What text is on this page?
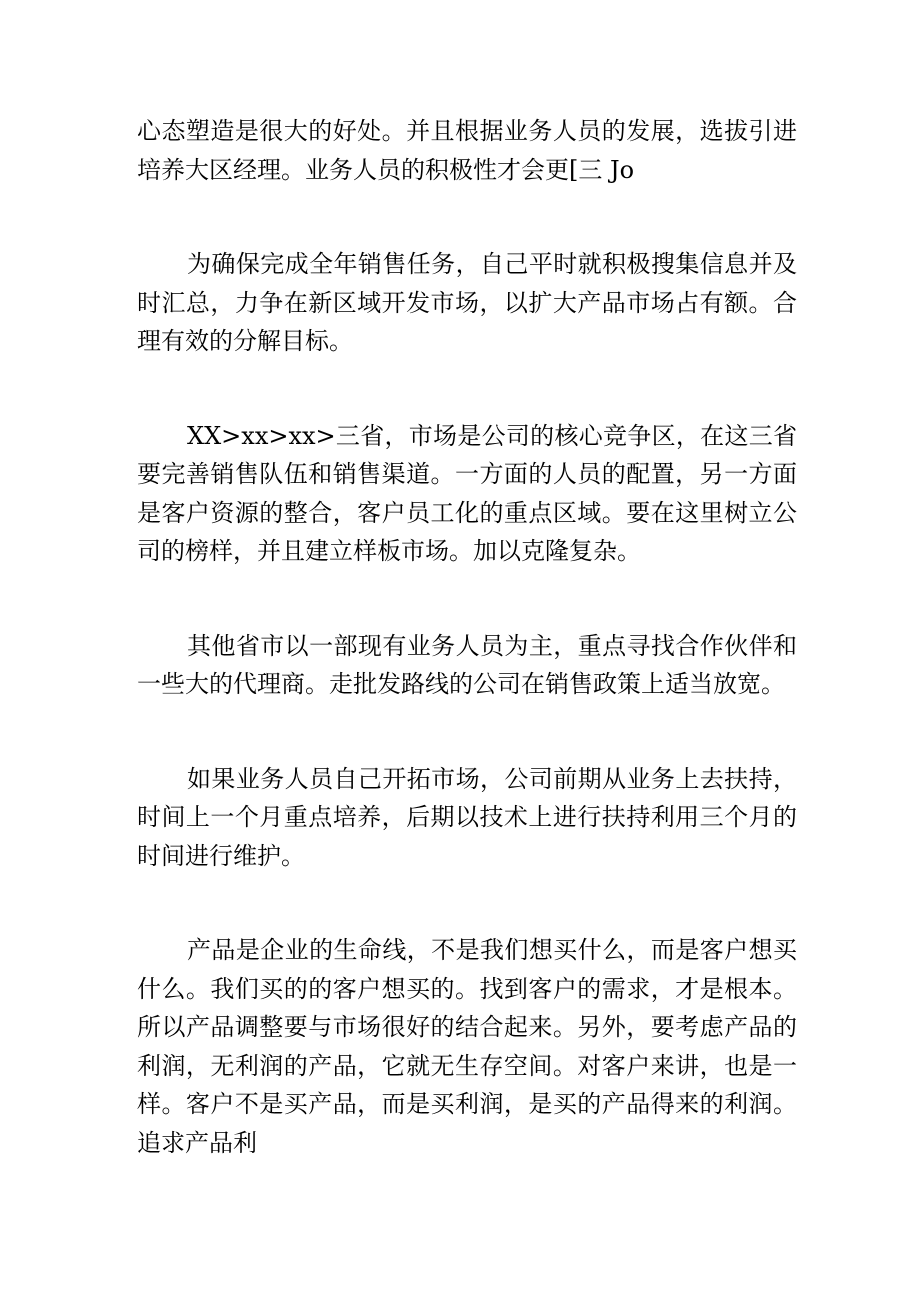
心态塑造是很大的好处。并且根据业务人员的发展，选拔引进培养大区经理。业务人员的积极性才会更[三 Jo

为确保完成全年销售任务，自己平时就积极搜集信息并及时汇总，力争在新区域开发市场，以扩大产品市场占有额。合理有效的分解目标。

XX>xx>xx>三省，市场是公司的核心竞争区，在这三省要完善销售队伍和销售渠道。一方面的人员的配置，另一方面是客户资源的整合，客户员工化的重点区域。要在这里树立公司的榜样，并且建立样板市场。加以克隆复杂。

其他省市以一部现有业务人员为主，重点寻找合作伙伴和一些大的代理商。走批发路线的公司在销售政策上适当放宽。

如果业务人员自己开拓市场，公司前期从业务上去扶持，时间上一个月重点培养，后期以技术上进行扶持利用三个月的时间进行维护。

产品是企业的生命线，不是我们想买什么，而是客户想买什么。我们买的的客户想买的。找到客户的需求，才是根本。所以产品调整要与市场很好的结合起来。另外，要考虑产品的利润，无利润的产品，它就无生存空间。对客户来讲，也是一样。客户不是买产品，而是买利润，是买的产品得来的利润。追求产品利
